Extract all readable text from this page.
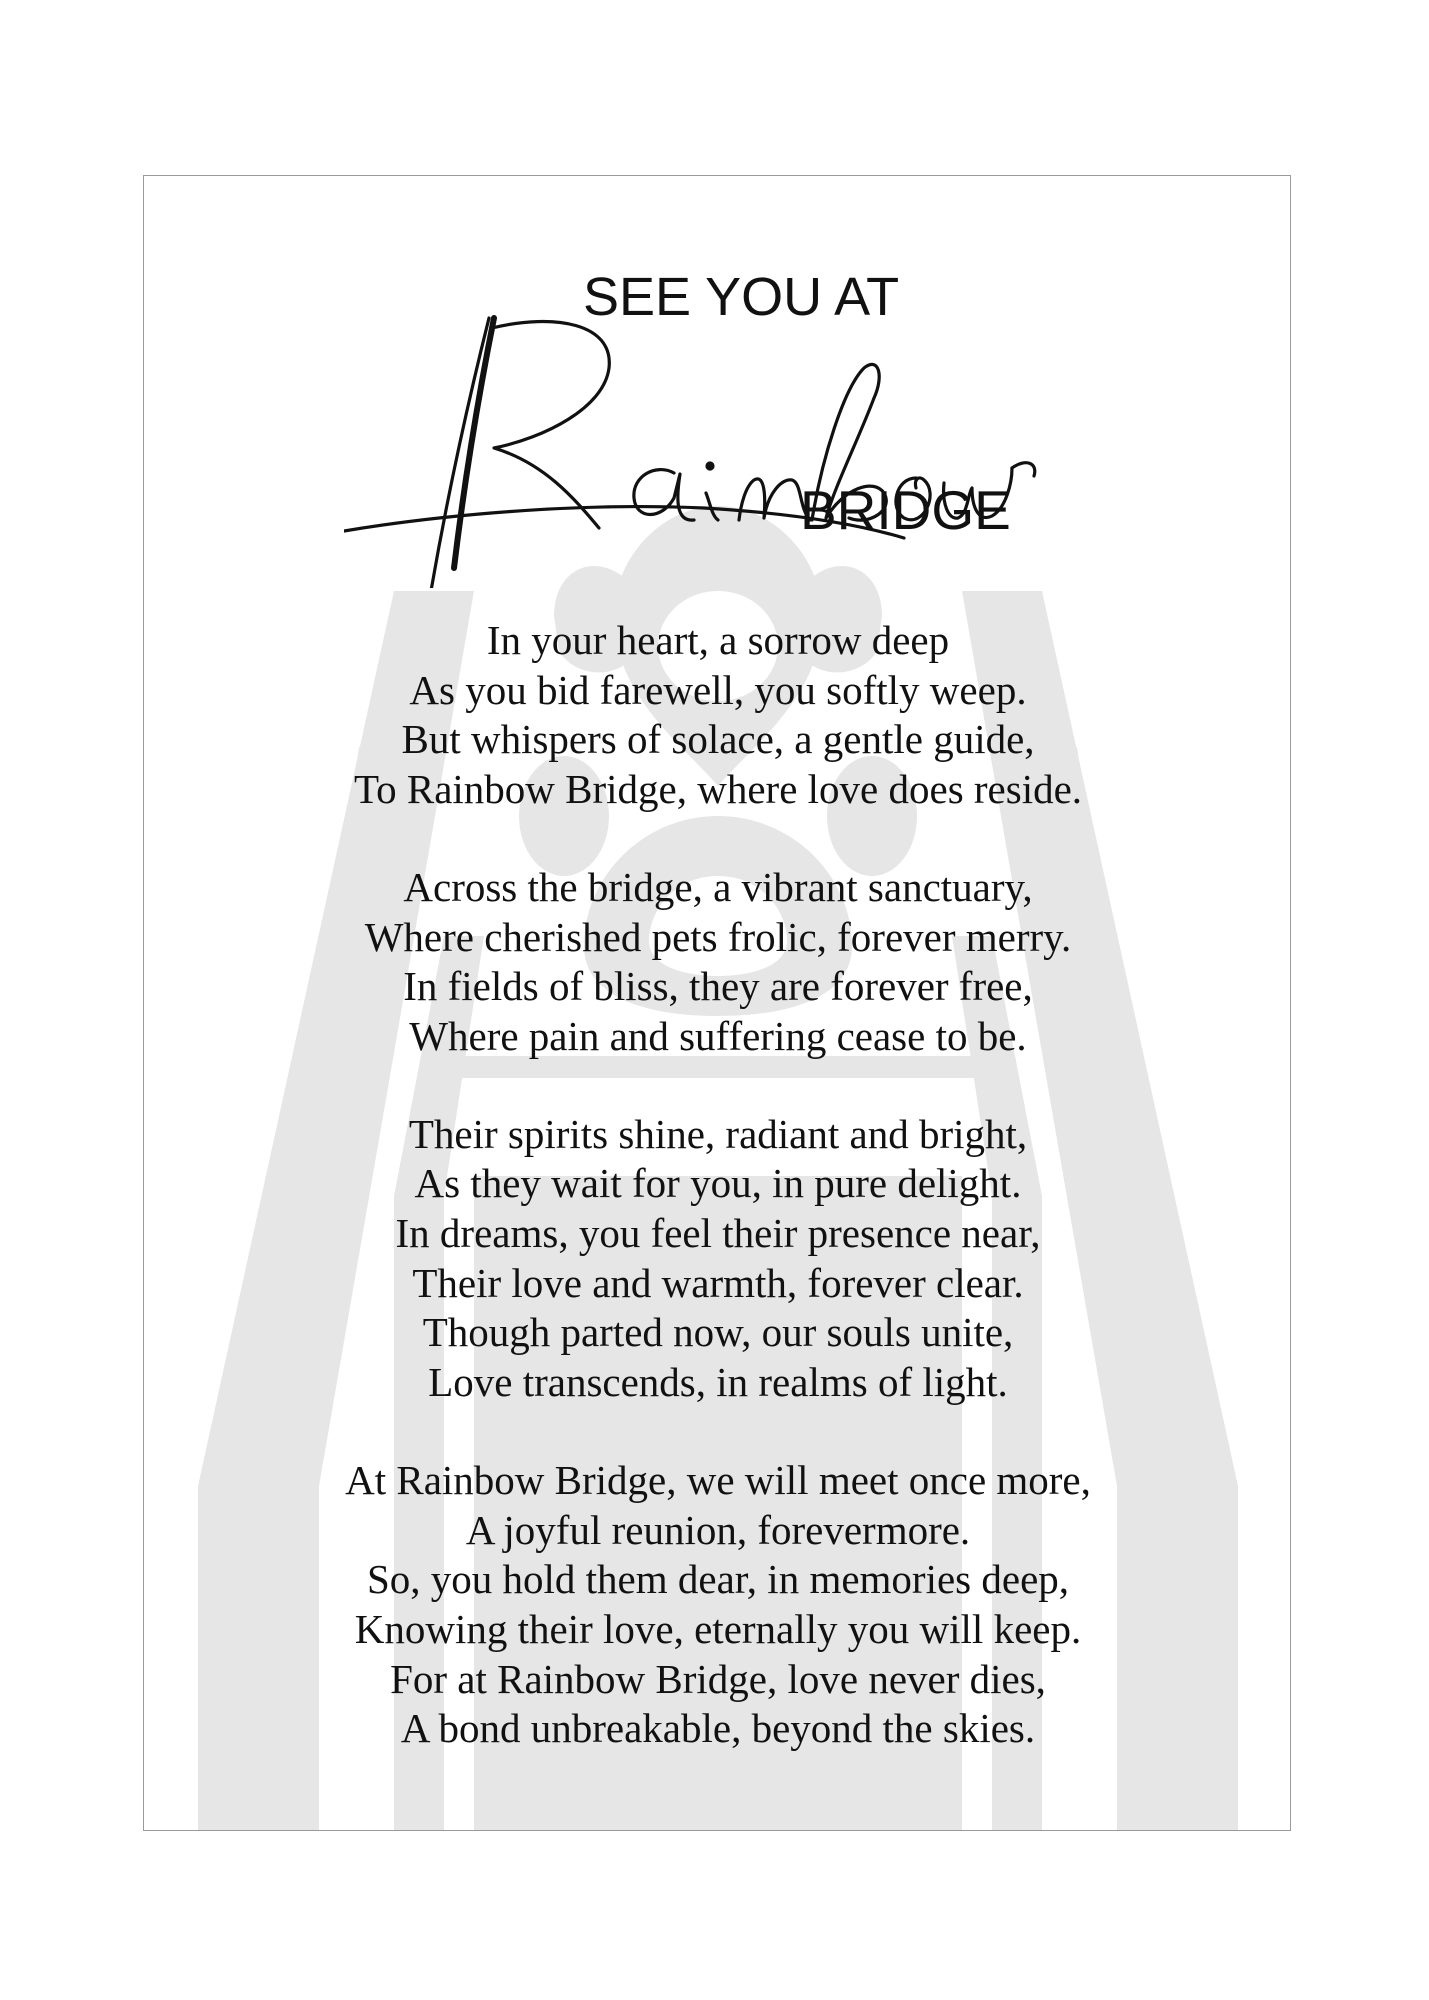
SEE YOU AT
BRIDGE
In your heart, a sorrow deep
As you bid farewell, you softly weep.
But whispers of solace, a gentle guide,
To Rainbow Bridge, where love does reside.
Across the bridge, a vibrant sanctuary,
Where cherished pets frolic, forever merry.
In fields of bliss, they are forever free,
Where pain and suffering cease to be.
Their spirits shine, radiant and bright,
As they wait for you, in pure delight.
In dreams, you feel their presence near,
Their love and warmth, forever clear.
Though parted now, our souls unite,
Love transcends, in realms of light.
At Rainbow Bridge, we will meet once more,
A joyful reunion, forevermore.
So, you hold them dear, in memories deep,
Knowing their love, eternally you will keep.
For at Rainbow Bridge, love never dies,
A bond unbreakable, beyond the skies.
